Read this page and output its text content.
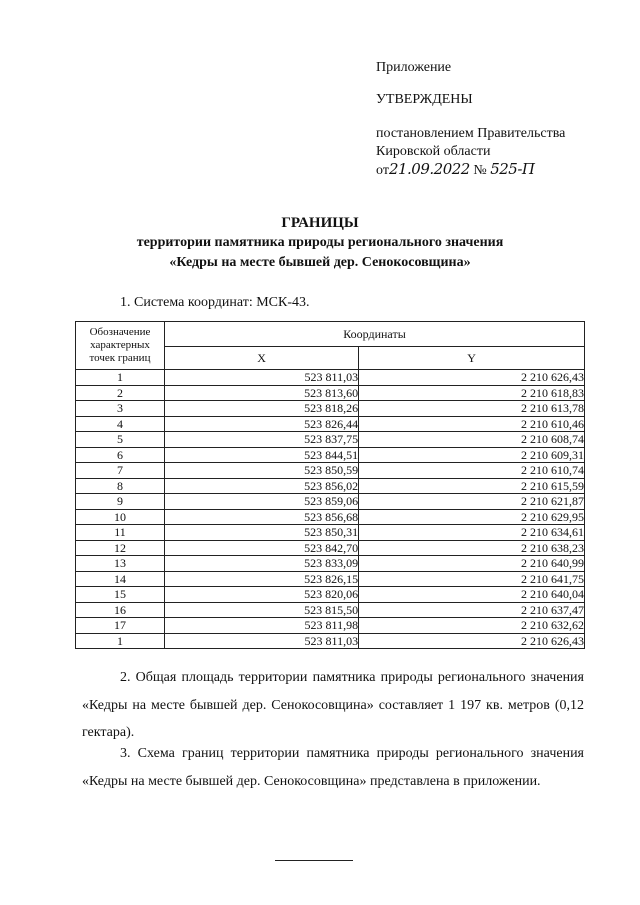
Приложение
УТВЕРЖДЕНЫ
постановлением Правительства
Кировской области
от21.09.2022 № 525-П
ГРАНИЦЫ
территории памятника природы регионального значения
«Кедры на месте бывшей дер. Сенокосовщина»
1. Система координат: МСК-43.
Обозначение характерных точек границ	Координаты	
	X	Y
1	523 811,03	2 210 626,43
2	523 813,60	2 210 618,83
3	523 818,26	2 210 613,78
4	523 826,44	2 210 610,46
5	523 837,75	2 210 608,74
6	523 844,51	2 210 609,31
7	523 850,59	2 210 610,74
8	523 856,02	2 210 615,59
9	523 859,06	2 210 621,87
10	523 856,68	2 210 629,95
11	523 850,31	2 210 634,61
12	523 842,70	2 210 638,23
13	523 833,09	2 210 640,99
14	523 826,15	2 210 641,75
15	523 820,06	2 210 640,04
16	523 815,50	2 210 637,47
17	523 811,98	2 210 632,62
1	523 811,03	2 210 626,43
2. Общая площадь территории памятника природы регионального значения «Кедры на месте бывшей дер. Сенокосовщина» составляет 1 197 кв. метров (0,12 гектара).
3. Схема границ территории памятника природы регионального значения «Кедры на месте бывшей дер. Сенокосовщина» представлена в приложении.
